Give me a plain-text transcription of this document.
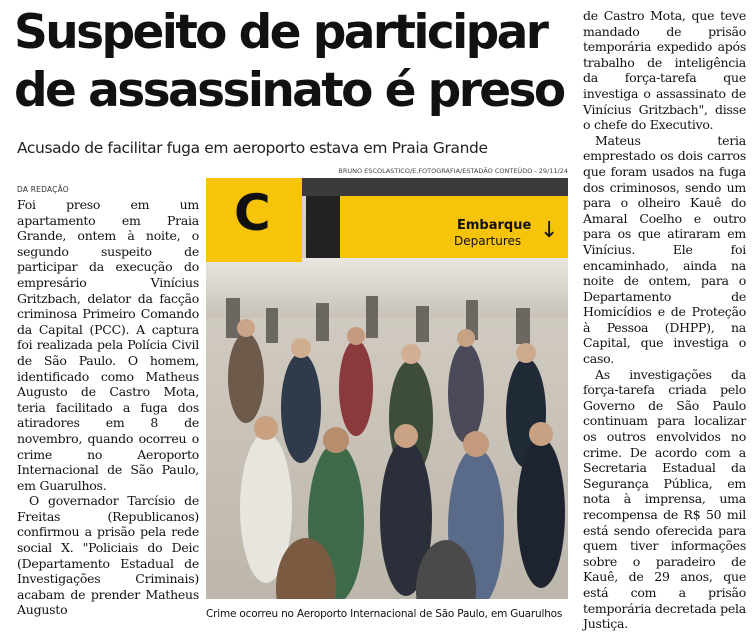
Suspeito de participar
de assassinato é preso

Acusado de facilitar fuga em aeroporto estava em Praia Grande

DA REDAÇÃO

Foi preso em um apartamento em Praia Grande, ontem à noite, o segundo suspeito de participar da execução do empresário Vinícius Gritzbach, delator da facção criminosa Primeiro Comando da Capital (PCC). A captura foi realizada pela Polícia Civil de São Paulo. O homem, identificado como Matheus Augusto de Castro Mota, teria facilitado a fuga dos atiradores em 8 de novembro, quando ocorreu o crime no Aeroporto Internacional de São Paulo, em Guarulhos.

O governador Tarcísio de Freitas (Republicanos) confirmou a prisão pela rede social X. "Policiais do Deic (Departamento Estadual de Investigações Criminais) acabam de prender Matheus Augusto

BRUNO ESCOLASTICO/E.FOTOGRAFIA/ESTADÃO CONTEÚDO - 29/11/24
C	Embarque
Departures ↓
Crime ocorreu no Aeroporto Internacional de São Paulo, em Guarulhos

de Castro Mota, que teve mandado de prisão temporária expedido após trabalho de inteligência da força-tarefa que investiga o assassinato de Vinícius Gritzbach", disse o chefe do Executivo.

Mateus teria emprestado os dois carros que foram usados na fuga dos criminosos, sendo um para o olheiro Kauê do Amaral Coelho e outro para os que atiraram em Vinícius. Ele foi encaminhado, ainda na noite de ontem, para o Departamento de Homicídios e de Proteção à Pessoa (DHPP), na Capital, que investiga o caso.

As investigações da força-tarefa criada pelo Governo de São Paulo continuam para localizar os outros envolvidos no crime. De acordo com a Secretaria Estadual da Segurança Pública, em nota à imprensa, uma recompensa de R$ 50 mil está sendo oferecida para quem tiver informações sobre o paradeiro de Kauê, de 29 anos, que está com a prisão temporária decretada pela Justiça.
